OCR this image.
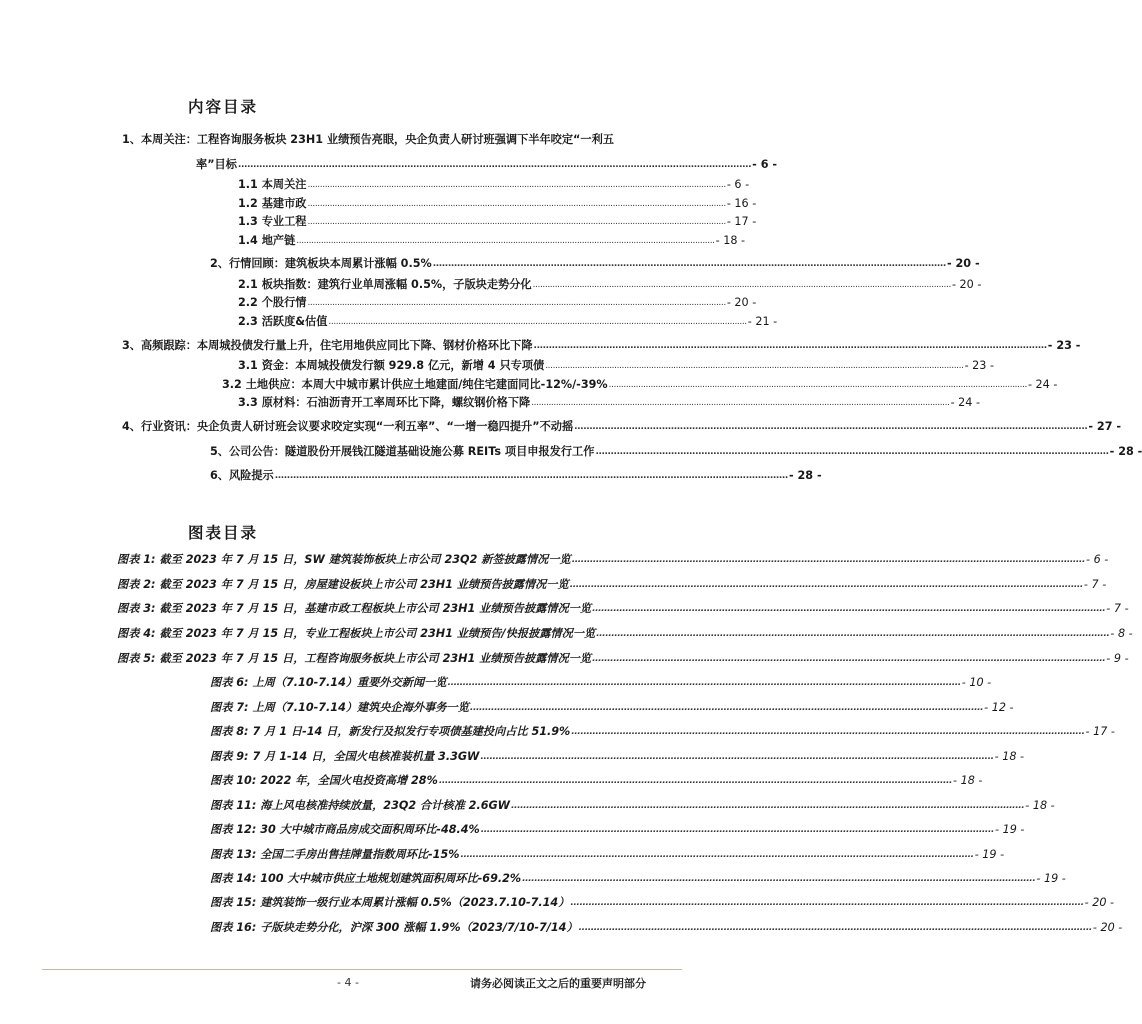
内容目录
1、本周关注：工程咨询服务板块 23H1 业绩预告亮眼，央企负责人研讨班强调下半年咬定“一利五
率”目标 .......................................................................................................................................................................... - 6 -
1.1 本周关注 .......................................................................................................................................................................... - 6 -
1.2 基建市政 .......................................................................................................................................................................... - 16 -
1.3 专业工程 .......................................................................................................................................................................... - 17 -
1.4 地产链 .......................................................................................................................................................................... - 18 -
2、行情回顾：建筑板块本周累计涨幅 0.5% .......................................................................................................................................................................... - 20 -
2.1 板块指数：建筑行业单周涨幅 0.5%，子版块走势分化 .......................................................................................................................................................................... - 20 -
2.2 个股行情 .......................................................................................................................................................................... - 20 -
2.3 活跃度&估值 .......................................................................................................................................................................... - 21 -
3、高频跟踪：本周城投债发行量上升，住宅用地供应同比下降、钢材价格环比下降 .......................................................................................................................................................................... - 23 -
3.1 资金：本周城投债发行额 929.8 亿元，新增 4 只专项债 .......................................................................................................................................................................... - 23 -
3.2 土地供应：本周大中城市累计供应土地建面/纯住宅建面同比-12%/-39% .......................................................................................................................................................................... - 24 -
3.3 原材料：石油沥青开工率周环比下降，螺纹钢价格下降 .......................................................................................................................................................................... - 24 -
4、行业资讯：央企负责人研讨班会议要求咬定实现“一利五率”、“一增一稳四提升”不动摇 .......................................................................................................................................................................... - 27 -
5、公司公告：隧道股份开展钱江隧道基础设施公募 REITs 项目申报发行工作 .......................................................................................................................................................................... - 28 -
6、风险提示 .......................................................................................................................................................................... - 28 -
图表目录
图表 1:
截至 2023 年 7 月 15 日，SW 建筑装饰板块上市公司 23Q2 新签披露情况一览 .......................................................................................................................................................................... - 6 -
图表 2:
截至 2023 年 7 月 15 日，房屋建设板块上市公司 23H1 业绩预告披露情况一览 .......................................................................................................................................................................... - 7 -
图表 3:
截至 2023 年 7 月 15 日，基建市政工程板块上市公司 23H1 业绩预告披露情况一览 .......................................................................................................................................................................... - 7 -
图表 4:
截至 2023 年 7 月 15 日，专业工程板块上市公司 23H1 业绩预告/快报披露情况一览 .......................................................................................................................................................................... - 8 -
图表 5:
截至 2023 年 7 月 15 日，工程咨询服务板块上市公司 23H1 业绩预告披露情况一览 .......................................................................................................................................................................... - 9 -
图表 6:
上周（7.10-7.14）重要外交新闻一览 .......................................................................................................................................................................... - 10 -
图表 7:
上周（7.10-7.14）建筑央企海外事务一览 .......................................................................................................................................................................... - 12 -
图表 8:
7 月 1 日-14 日，新发行及拟发行专项债基建投向占比 51.9% .......................................................................................................................................................................... - 17 -
图表 9:
7 月 1-14 日，全国火电核准装机量 3.3GW .......................................................................................................................................................................... - 18 -
图表 10:
2022 年，全国火电投资高增 28% .......................................................................................................................................................................... - 18 -
图表 11:
海上风电核准持续放量，23Q2 合计核准 2.6GW .......................................................................................................................................................................... - 18 -
图表 12:
30 大中城市商品房成交面积周环比-48.4% .......................................................................................................................................................................... - 19 -
图表 13:
全国二手房出售挂牌量指数周环比-15% .......................................................................................................................................................................... - 19 -
图表 14:
100 大中城市供应土地规划建筑面积周环比-69.2% .......................................................................................................................................................................... - 19 -
图表 15:
建筑装饰一级行业本周累计涨幅 0.5%（2023.7.10-7.14） .......................................................................................................................................................................... - 20 -
图表 16:
子版块走势分化，沪深 300 涨幅 1.9%（2023/7/10-7/14） .......................................................................................................................................................................... - 20 -
- 4 -	请务必阅读正文之后的重要声明部分
